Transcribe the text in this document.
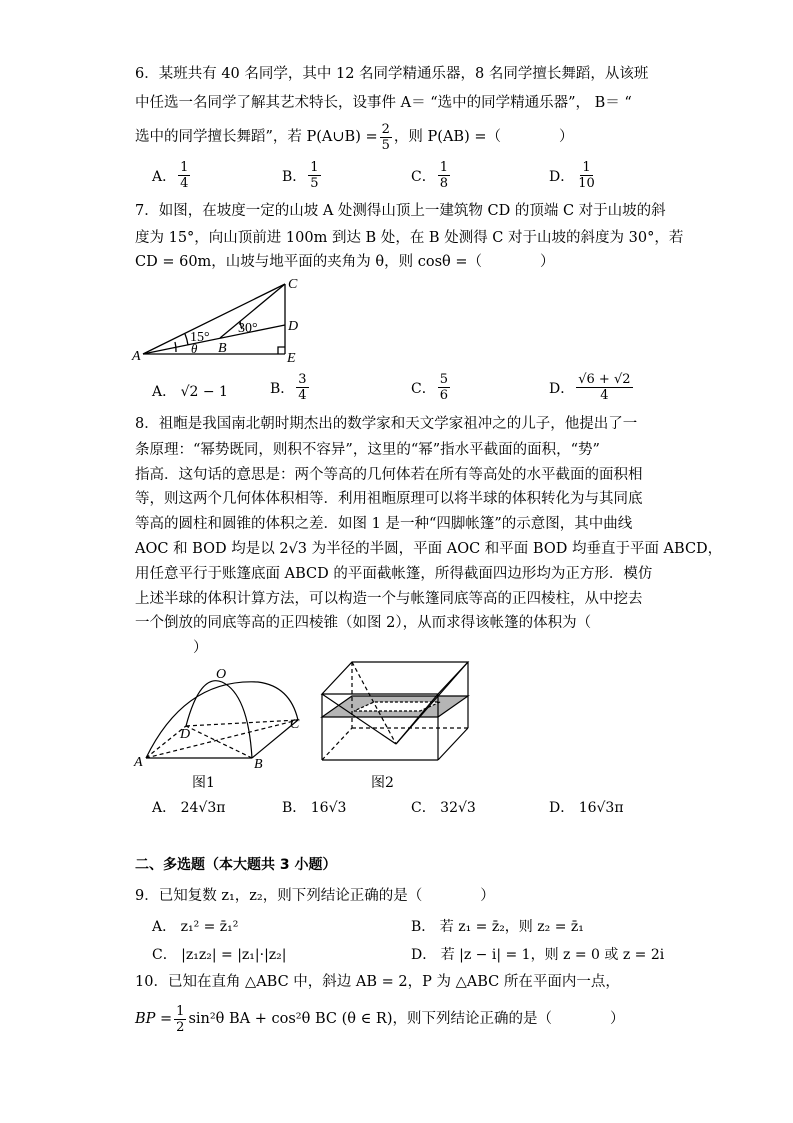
6．某班共有 40 名同学，其中 12 名同学精通乐器，8 名同学擅长舞蹈，从该班
中任选一名同学了解其艺术特长，设事件 A＝ “选中的同学精通乐器”， B＝ “
选中的同学擅长舞蹈”，若 P(A∪B) = $\frac{2}{5}$ ，则 P(AB) =（　　　　）
A． $\frac{1}{4}$	B． $\frac{1}{5}$	C． $\frac{1}{8}$	D． $\frac{1}{10}$
7．如图，在坡度一定的山坡 A 处测得山顶上一建筑物 CD 的顶端 C 对于山坡的斜
度为 15°，向山顶前进 100m 到达 B 处，在 B 处测得 C 对于山坡的斜度为 30°，若
CD = 60m，山坡与地平面的夹角为 θ，则 cosθ =（　　　　）
A
B
C
D
E
θ
15°
30°
A． √2 − 1	B． $\frac{3}{4}$	C． $\frac{5}{6}$	D． $\frac{√6 + √2}{4}$
8．祖暅是我国南北朝时期杰出的数学家和天文学家祖冲之的儿子，他提出了一
条原理：“幂势既同，则积不容异”，这里的“幂”指水平截面的面积，“势”
指高．这句话的意思是：两个等高的几何体若在所有等高处的水平截面的面积相
等，则这两个几何体体积相等．利用祖暅原理可以将半球的体积转化为与其同底
等高的圆柱和圆锥的体积之差．如图 1 是一种“四脚帐篷”的示意图，其中曲线
AOC 和 BOD 均是以 2√3 为半径的半圆，平面 AOC 和平面 BOD 均垂直于平面 ABCD，
用任意平行于账篷底面 ABCD 的平面截帐篷，所得截面四边形均为正方形．模仿
上述半球的体积计算方法，可以构造一个与帐篷同底等高的正四棱柱，从中挖去
一个倒放的同底等高的正四棱锥（如图 2），从而求得该帐篷的体积为（
　　　　）
O
D
C
A	B
图1	图2
A． 24√3π	B． 16√3	C． 32√3	D． 16√3π
二、多选题（本大题共 3 小题）
9．已知复数 z₁，z₂，则下列结论正确的是（　　　　）
A． z₁² = z̄₁²	B． 若 z₁ = z̄₂，则 z₂ = z̄₁
C． |z₁z₂| = |z₁|·|z₂|	D． 若 |z − i| = 1，则 z = 0 或 z = 2i
10．已知在直角 △ABC 中，斜边 AB = 2，P 为 △ABC 所在平面内一点，
BP = $\frac{1}{2} \sin^2\theta$ BA + cos²θ BC (θ ∈ R)，则下列结论正确的是（　　　　）
